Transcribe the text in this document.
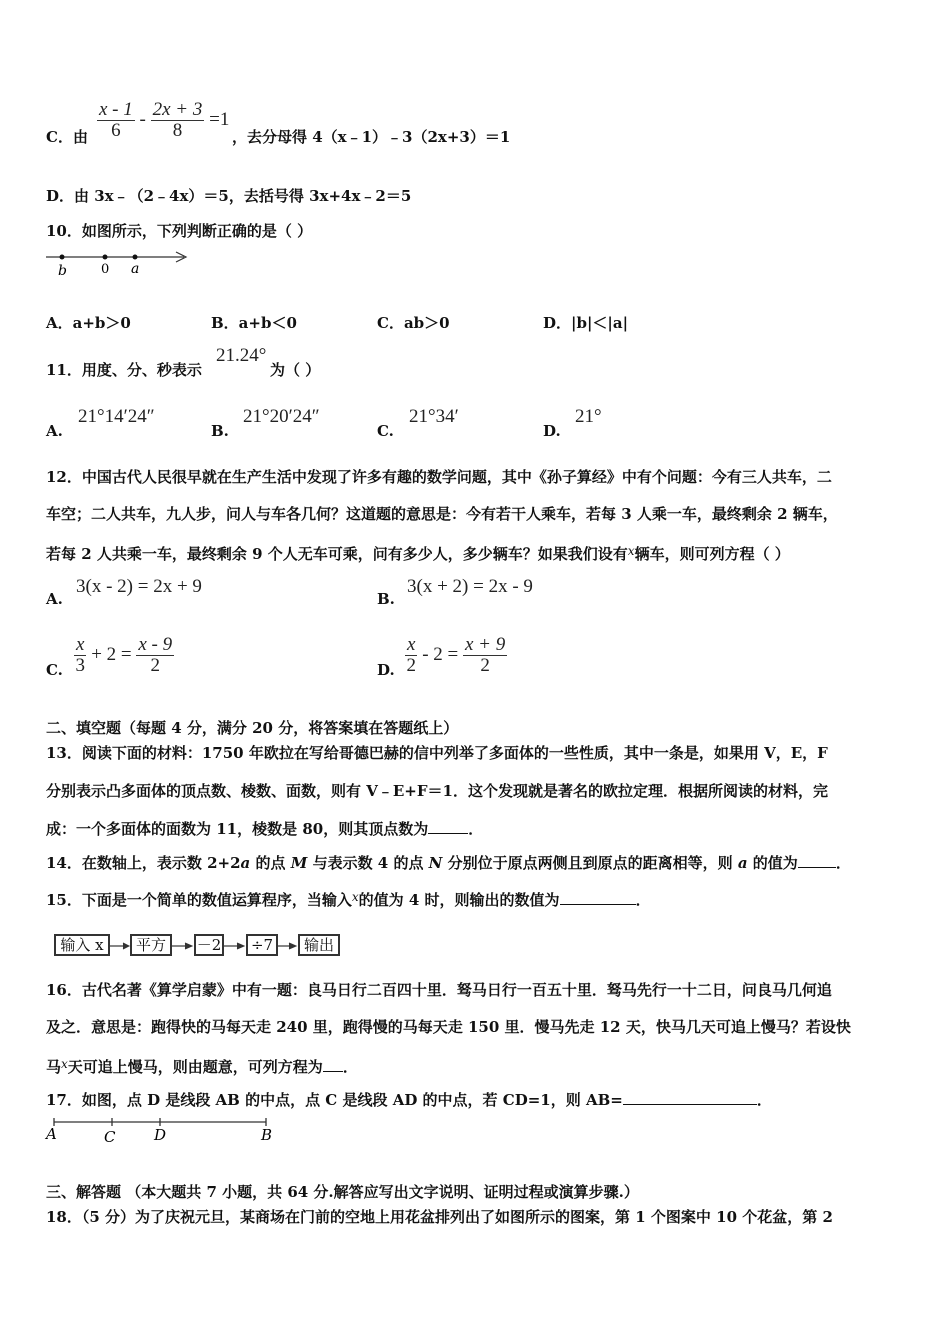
C．由 $\frac{x - 1}{6} - \frac{2x + 3}{8} =1$
，去分母得 4（x﹣1）﹣3（2x+3）＝1
D．由 3x﹣（2﹣4x）＝5，去括号得 3x+4x﹣2＝5
10．如图所示，下列判断正确的是（ ）
b	0 a
A．a+b＞0	B．a+b＜0	C．ab＞0	D．|b|＜|a|
11．用度、分、秒表示
21.24°
为（ ）
A.
21°14′24″
B.
21°20′24″
C.
21°34′
D.
21°
12．中国古代人民很早就在生产生活中发现了许多有趣的数学问题，其中《孙子算经》中有个问题：今有三人共车，二
车空；二人共车，九人步，问人与车各几何？这道题的意思是：今有若干人乘车，若每 3 人乘一车，最终剩余 2 辆车，
若每 2 人共乘一车，最终剩余 9 个人无车可乘，问有多少人，多少辆车？如果我们设有$^x$辆车，则可列方程（ ）
A.
3(x - 2) = 2x + 9
B.
3(x + 2) = 2x - 9
C. $\frac{x}{3} + 2 = \frac{x - 9}{2}$	D. $\frac{x}{2} - 2 = \frac{x + 9}{2}$
二、填空题（每题 4 分，满分 20 分，将答案填在答题纸上）
13．阅读下面的材料：1750 年欧拉在写给哥德巴赫的信中列举了多面体的一些性质，其中一条是，如果用 V，E，F
分别表示凸多面体的顶点数、棱数、面数，则有 V﹣E+F＝1．这个发现就是著名的欧拉定理．根据所阅读的材料，完
成：一个多面体的面数为 11，棱数是 80，则其顶点数为	．
14．在数轴上，表示数 2+2a 的点 M 与表示数 4 的点 N 分别位于原点两侧且到原点的距离相等，则 a 的值为	．
15．下面是一个简单的数值运算程序，当输入$^x$的值为 4 时，则输出的数值为	．
输入 x	平方	－2	÷7	输出
16．古代名著《算学启蒙》中有一题：良马日行二百四十里．驽马日行一百五十里．驽马先行一十二日，问良马几何追
及之．意思是：跑得快的马每天走 240 里，跑得慢的马每天走 150 里．慢马先走 12 天，快马几天可追上慢马？若设快
马$^x$天可追上慢马，则由题意，可列方程为 ．
17．如图，点 D 是线段 AB 的中点，点 C 是线段 AD 的中点，若 CD=1，则 AB=	．
A	C	D	B
三、解答题 （本大题共 7 小题，共 64 分.解答应写出文字说明、证明过程或演算步骤.）
18．（5 分）为了庆祝元旦，某商场在门前的空地上用花盆排列出了如图所示的图案，第 1 个图案中 10 个花盆，第 2
